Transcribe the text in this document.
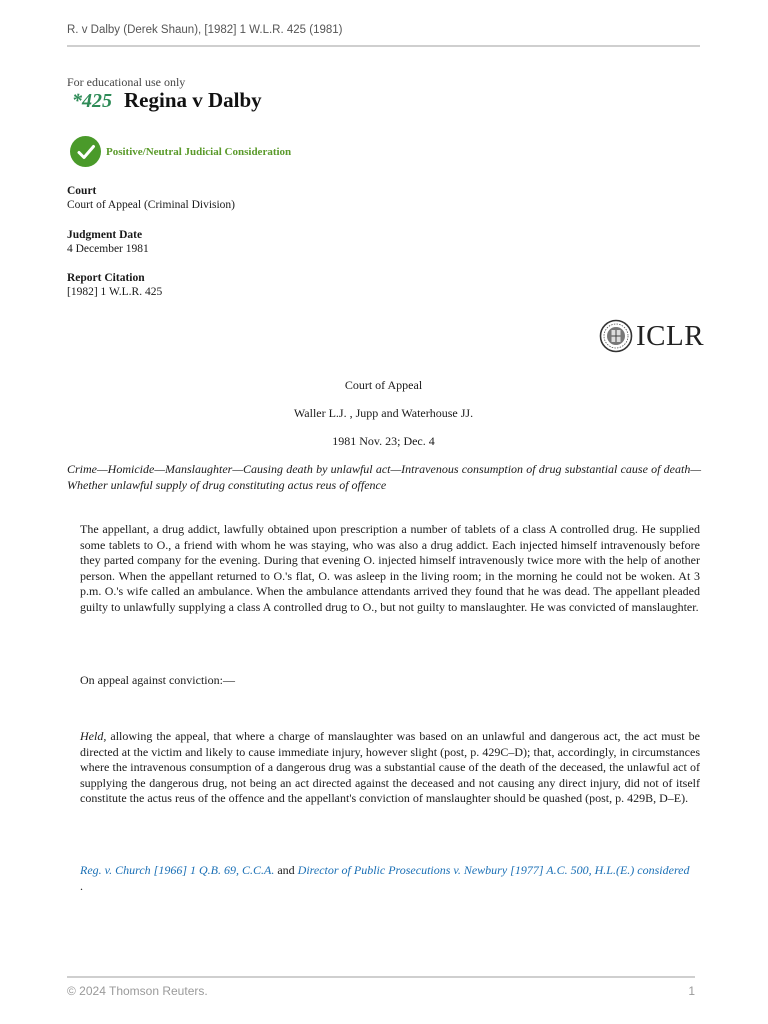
R. v Dalby (Derek Shaun), [1982] 1 W.L.R. 425 (1981)
For educational use only
*425 Regina v Dalby
Positive/Neutral Judicial Consideration
Court
Court of Appeal (Criminal Division)
Judgment Date
4 December 1981
Report Citation
[1982] 1 W.L.R. 425
ICLR
Court of Appeal
Waller L.J. , Jupp and Waterhouse JJ.
1981 Nov. 23; Dec. 4
Crime—Homicide—Manslaughter—Causing death by unlawful act—Intravenous consumption of drug substantial cause of death—Whether unlawful supply of drug constituting actus reus of offence
The appellant, a drug addict, lawfully obtained upon prescription a number of tablets of a class A controlled drug. He supplied some tablets to O., a friend with whom he was staying, who was also a drug addict. Each injected himself intravenously before they parted company for the evening. During that evening O. injected himself intravenously twice more with the help of another person. When the appellant returned to O.'s flat, O. was asleep in the living room; in the morning he could not be woken. At 3 p.m. O.'s wife called an ambulance. When the ambulance attendants arrived they found that he was dead. The appellant pleaded guilty to unlawfully supplying a class A controlled drug to O., but not guilty to manslaughter. He was convicted of manslaughter.
On appeal against conviction:—
Held, allowing the appeal, that where a charge of manslaughter was based on an unlawful and dangerous act, the act must be directed at the victim and likely to cause immediate injury, however slight (post, p. 429C–D); that, accordingly, in circumstances where the intravenous consumption of a dangerous drug was a substantial cause of the death of the deceased, the unlawful act of supplying the dangerous drug, not being an act directed against the deceased and not causing any direct injury, did not of itself constitute the actus reus of the offence and the appellant's conviction of manslaughter should be quashed (post, p. 429B, D–E).
Reg. v. Church [1966] 1 Q.B. 69, C.C.A. and Director of Public Prosecutions v. Newbury [1977] A.C. 500, H.L.(E.) considered
.
© 2024 Thomson Reuters.	1
